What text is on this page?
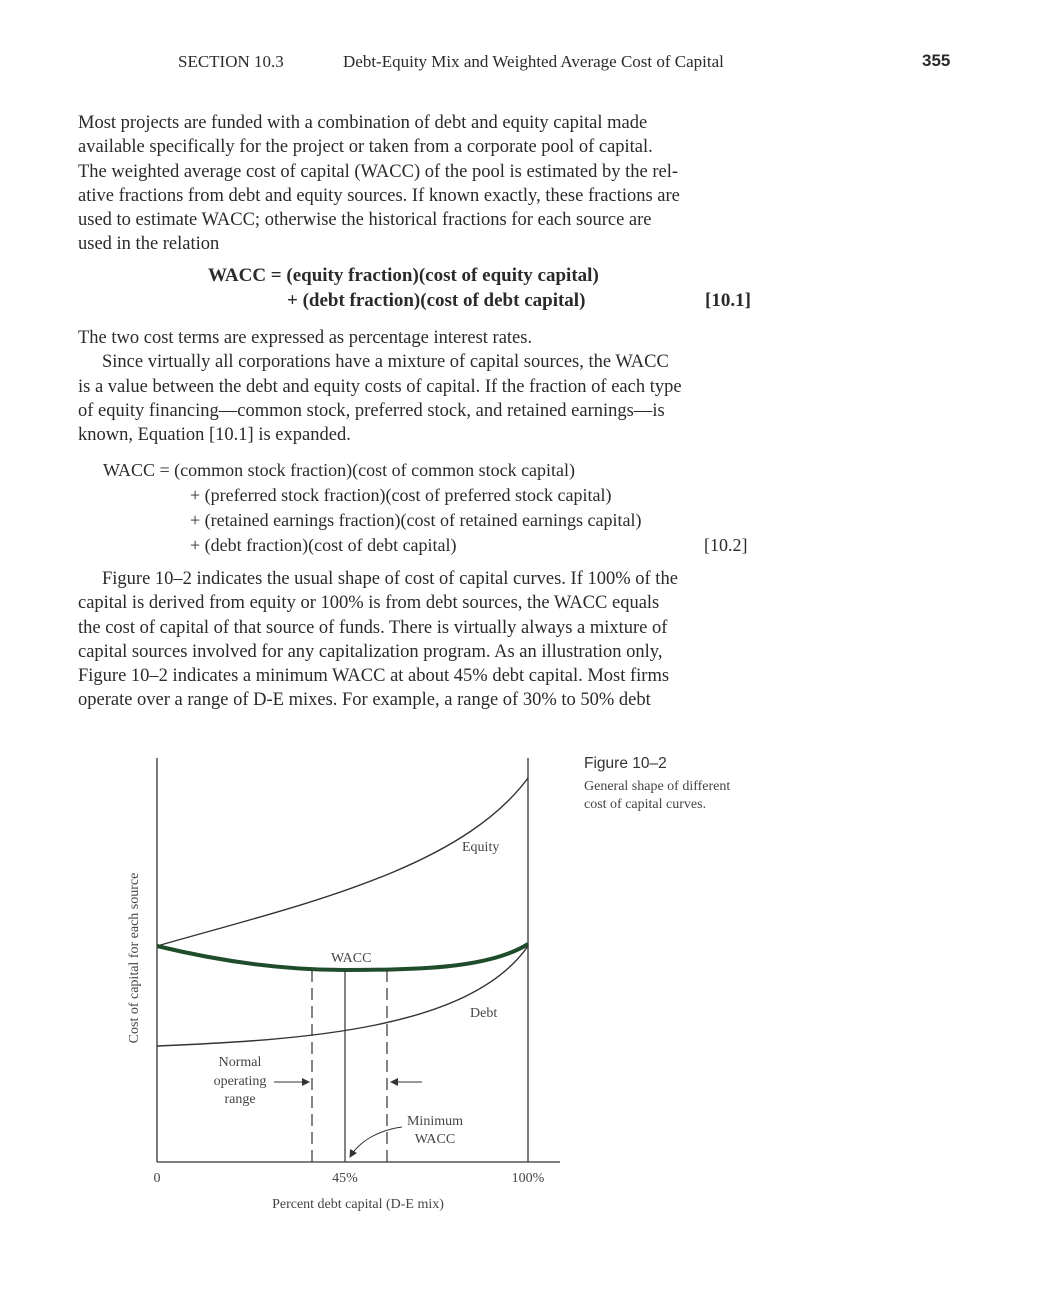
SECTION 10.3	Debt-Equity Mix and Weighted Average Cost of Capital	355
Most projects are funded with a combination of debt and equity capital made
available specifically for the project or taken from a corporate pool of capital.
The weighted average cost of capital (WACC) of the pool is estimated by the rel-
ative fractions from debt and equity sources. If known exactly, these fractions are
used to estimate WACC; otherwise the historical fractions for each source are
used in the relation
WACC = (equity fraction)(cost of equity capital)
+ (debt fraction)(cost of debt capital)	[10.1]
The two cost terms are expressed as percentage interest rates.
Since virtually all corporations have a mixture of capital sources, the WACC
is a value between the debt and equity costs of capital. If the fraction of each type
of equity financing—common stock, preferred stock, and retained earnings—is
known, Equation [10.1] is expanded.
WACC = (common stock fraction)(cost of common stock capital)
+ (preferred stock fraction)(cost of preferred stock capital)
+ (retained earnings fraction)(cost of retained earnings capital)
+ (debt fraction)(cost of debt capital)	[10.2]
Figure 10–2 indicates the usual shape of cost of capital curves. If 100% of the
capital is derived from equity or 100% is from debt sources, the WACC equals
the cost of capital of that source of funds. There is virtually always a mixture of
capital sources involved for any capitalization program. As an illustration only,
Figure 10–2 indicates a minimum WACC at about 45% debt capital. Most firms
operate over a range of D-E mixes. For example, a range of 30% to 50% debt
Figure 10–2
General shape of different
cost of capital curves.
Equity
WACC
Debt
Normal
operating
range
Minimum
WACC
0	45%	100%
Percent debt capital (D-E mix)
Cost of capital for each source
